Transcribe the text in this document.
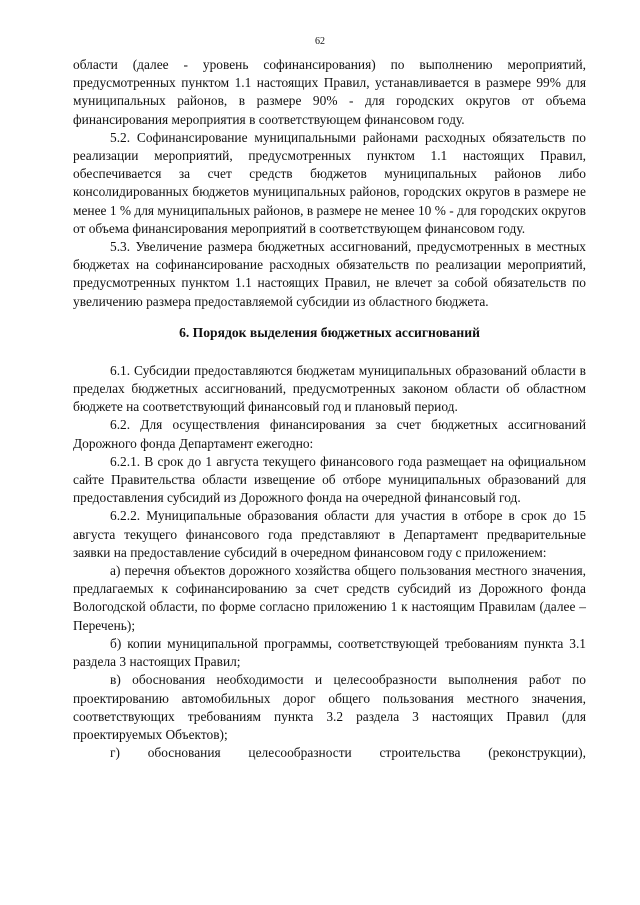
62

области (далее - уровень софинансирования) по выполнению мероприятий, предусмотренных пунктом 1.1 настоящих Правил, устанавливается в размере 99% для муниципальных районов, в размере 90% - для городских округов от объема финансирования мероприятия в соответствующем финансовом году.

5.2. Софинансирование муниципальными районами расходных обязательств по реализации мероприятий, предусмотренных пунктом 1.1 настоящих Правил, обеспечивается за счет средств бюджетов муниципальных районов либо консолидированных бюджетов муниципальных районов, городских округов в размере не менее 1 % для муниципальных районов, в размере не менее 10 % - для городских округов от объема финансирования мероприятий в соответствующем финансовом году.

5.3. Увеличение размера бюджетных ассигнований, предусмотренных в местных бюджетах на софинансирование расходных обязательств по реализации мероприятий, предусмотренных пунктом 1.1 настоящих Правил, не влечет за собой обязательств по увеличению размера предоставляемой субсидии из областного бюджета.

6. Порядок выделения бюджетных ассигнований

6.1. Субсидии предоставляются бюджетам муниципальных образований области в пределах бюджетных ассигнований, предусмотренных законом области об областном бюджете на соответствующий финансовый год и плановый период.

6.2. Для осуществления финансирования за счет бюджетных ассигнований Дорожного фонда Департамент ежегодно:

6.2.1. В срок до 1 августа текущего финансового года размещает на официальном сайте Правительства области извещение об отборе муниципальных образований для предоставления субсидий из Дорожного фонда на очередной финансовый год.

6.2.2. Муниципальные образования области для участия в отборе в срок до 15 августа текущего финансового года представляют в Департамент предварительные заявки на предоставление субсидий в очередном финансовом году с приложением:

а) перечня объектов дорожного хозяйства общего пользования местного значения, предлагаемых к софинансированию за счет средств субсидий из Дорожного фонда Вологодской области, по форме согласно приложению 1 к настоящим Правилам (далее – Перечень);

б) копии муниципальной программы, соответствующей требованиям пункта 3.1 раздела 3 настоящих Правил;

в) обоснования необходимости и целесообразности выполнения работ по проектированию автомобильных дорог общего пользования местного значения, соответствующих требованиям пункта 3.2 раздела 3 настоящих Правил (для проектируемых Объектов);

г) обоснования целесообразности строительства (реконструкции),
